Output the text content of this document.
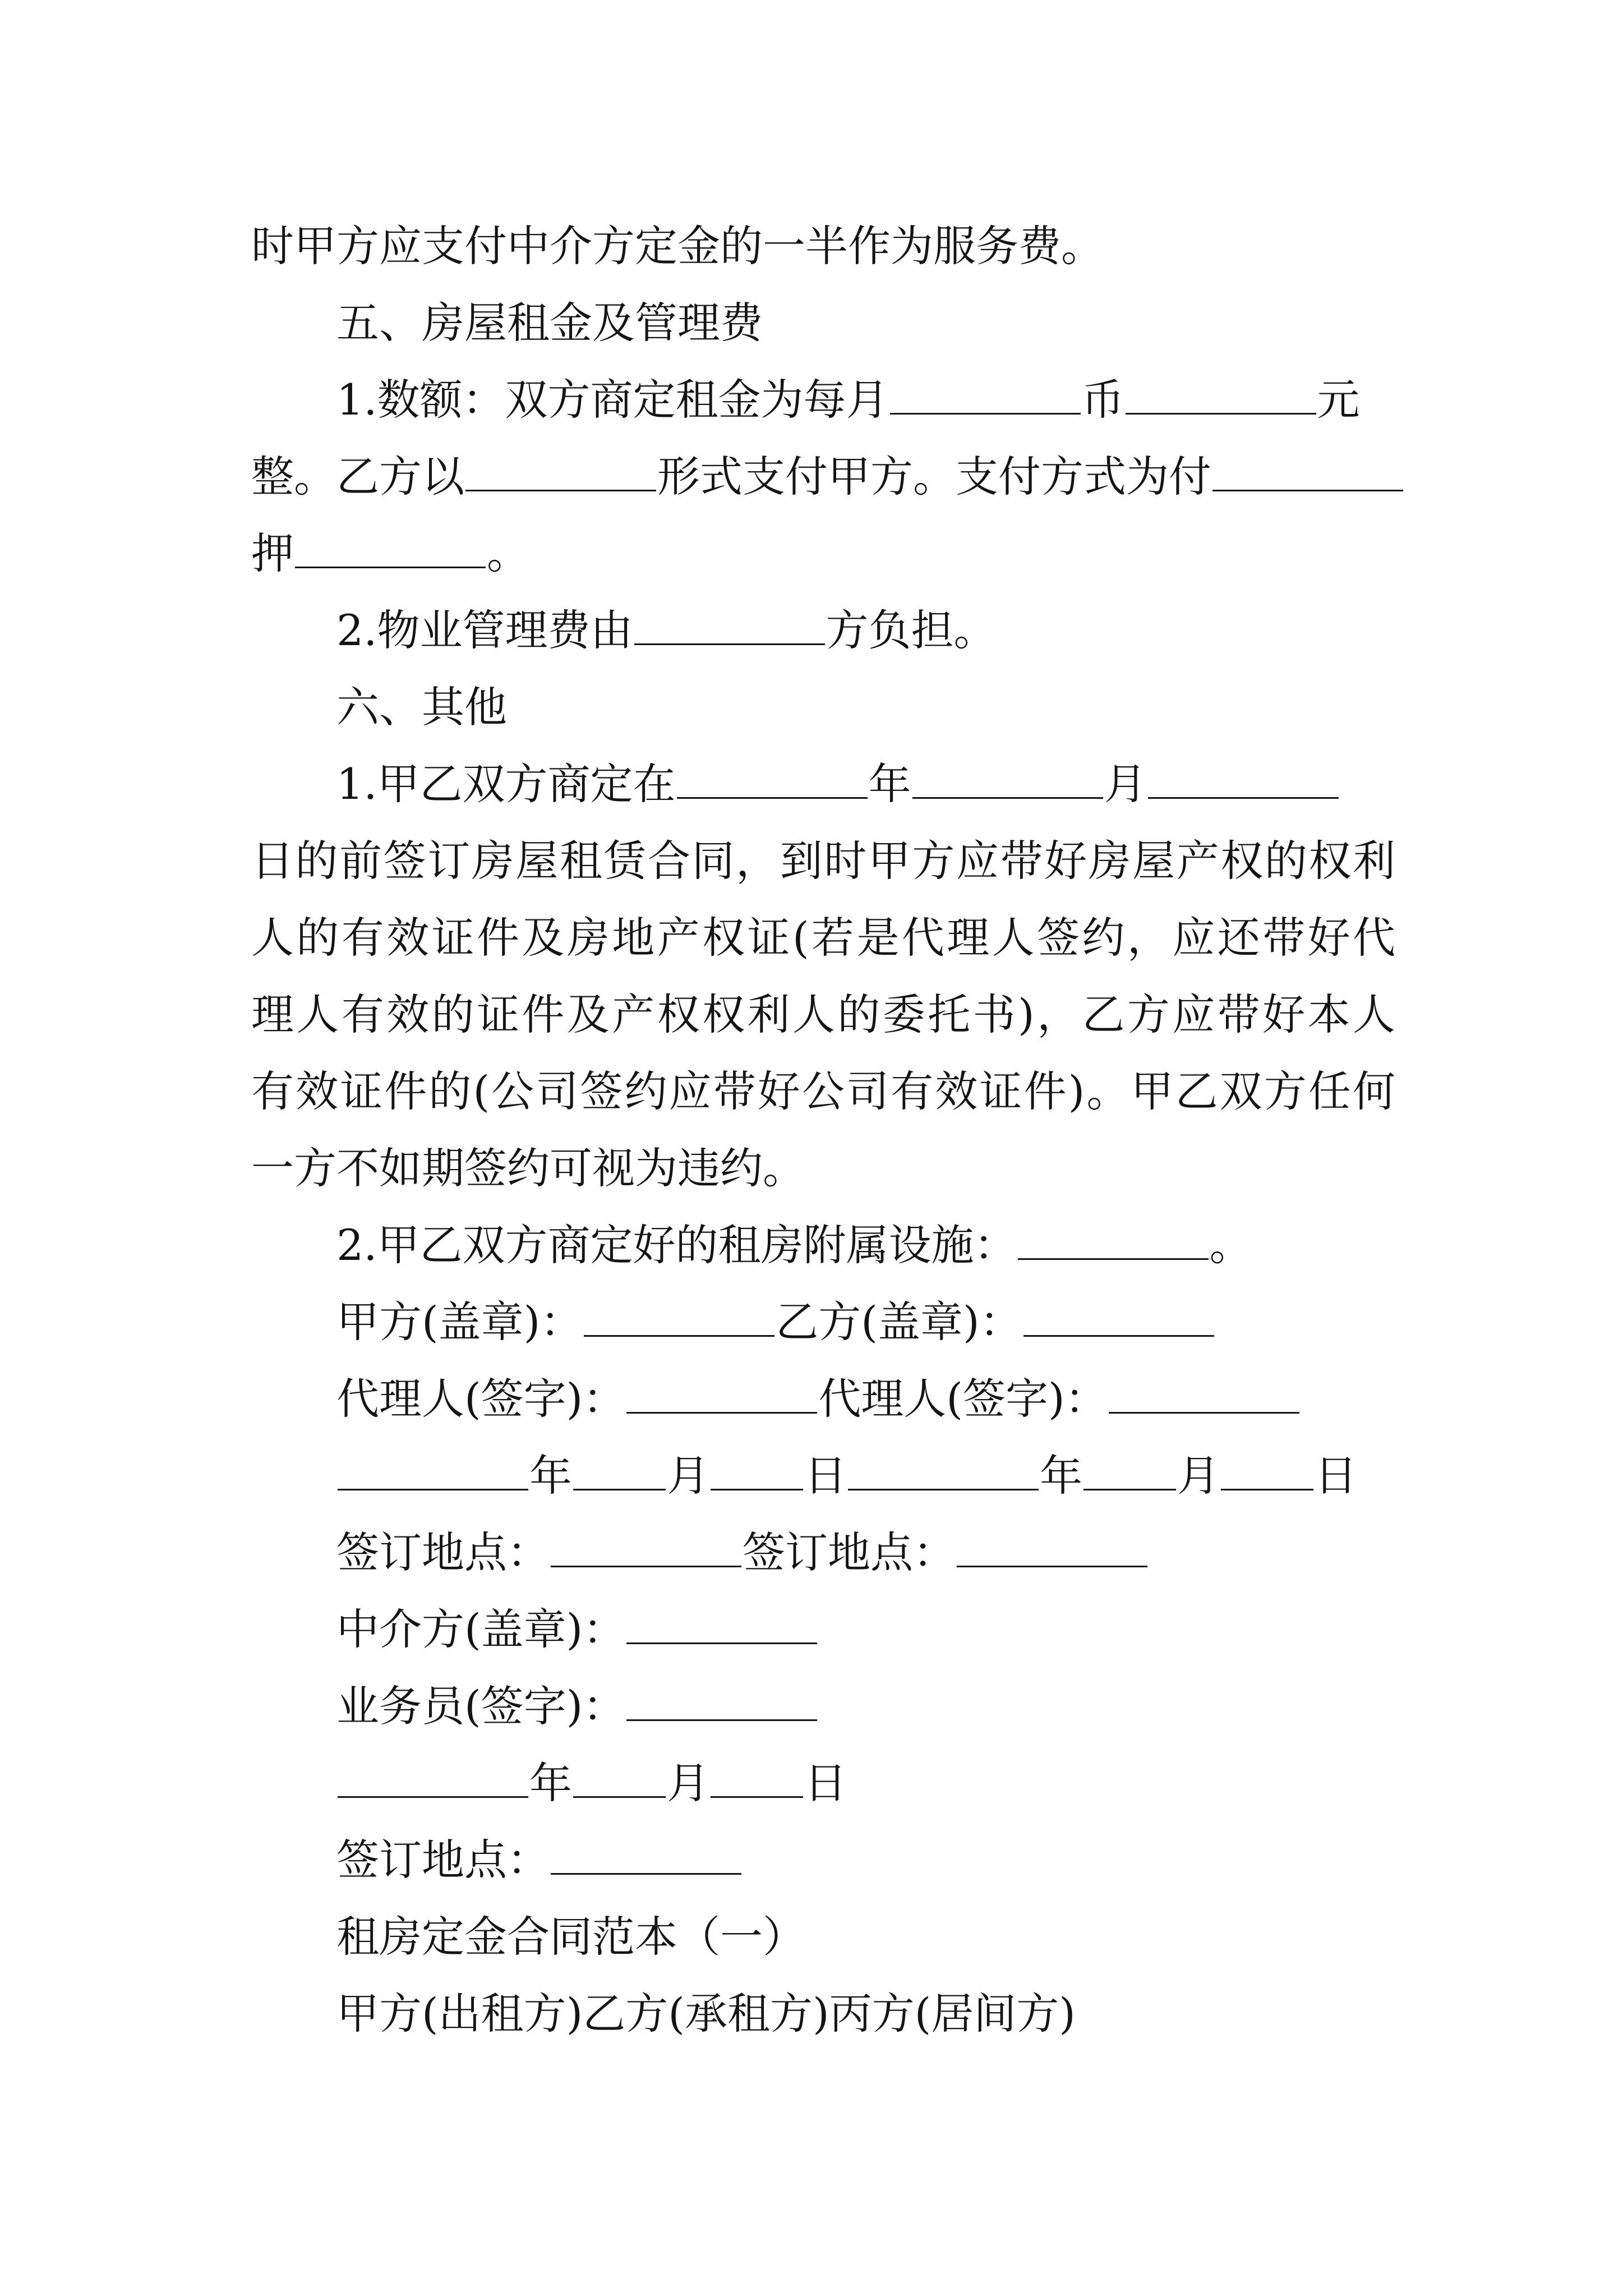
时甲方应支付中介方定金的一半作为服务费。
五、房屋租金及管理费
1.数额：双方商定租金为每月	币	元
整。乙方以	形式支付甲方。支付方式为付
押	。
2.物业管理费由	方负担。
六、其他
1.甲乙双方商定在	年	月
日的前签订房屋租赁合同，到时甲方应带好房屋产权的权利
人的有效证件及房地产权证(若是代理人签约，应还带好代
理人有效的证件及产权权利人的委托书)，乙方应带好本人
有效证件的(公司签约应带好公司有效证件)。甲乙双方任何
一方不如期签约可视为违约。
2.甲乙双方商定好的租房附属设施：	。
甲方(盖章)：	乙方(盖章)：
代理人(签字)：	代理人(签字)：
年 月 日	年 月 日
签订地点：	签订地点：
中介方(盖章)：
业务员(签字)：
年 月 日
签订地点：
租房定金合同范本（一）
甲方(出租方)乙方(承租方)丙方(居间方)
